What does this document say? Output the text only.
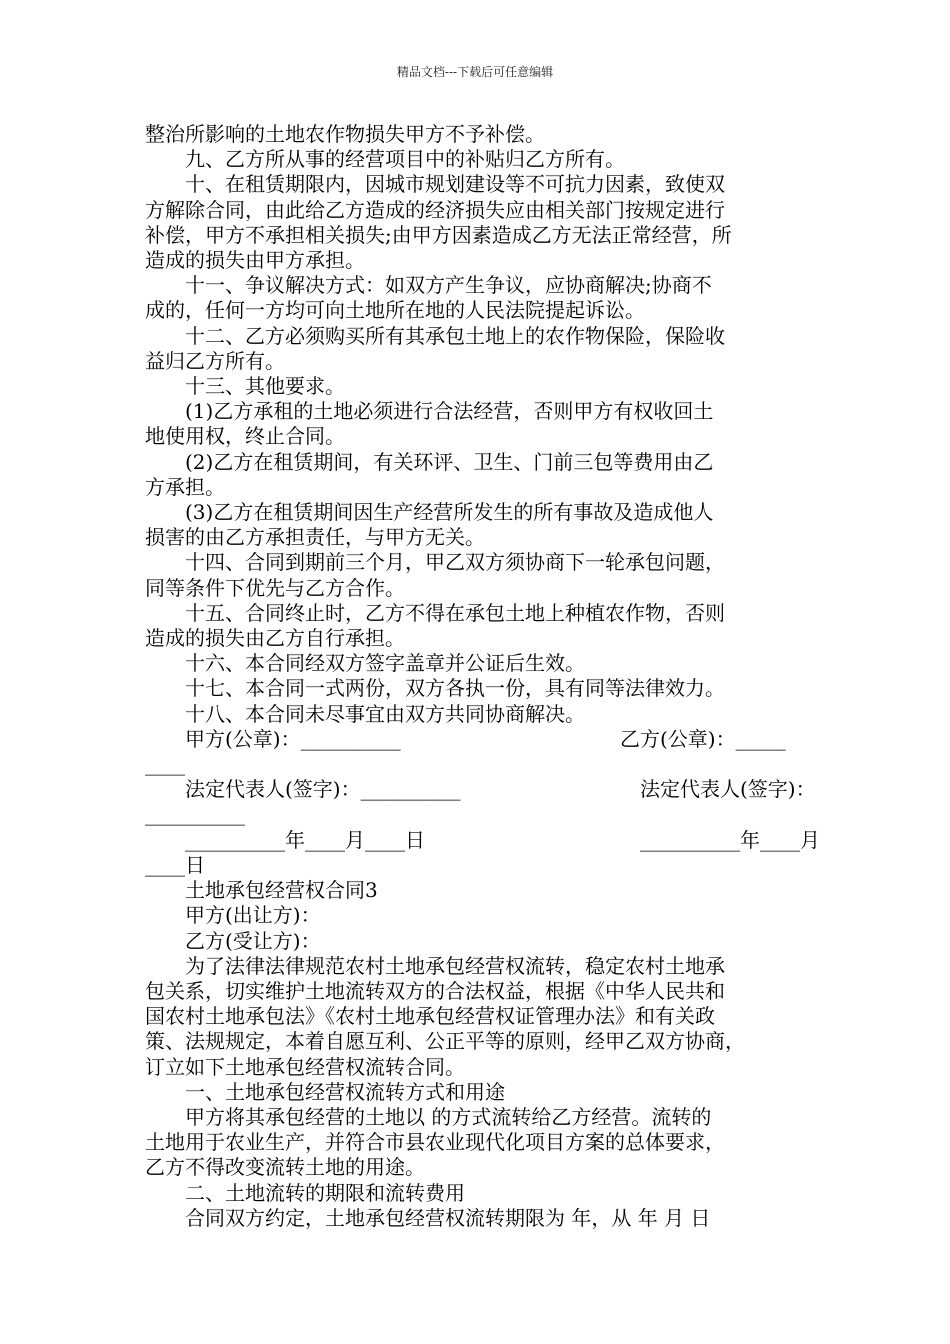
精品文档---下载后可任意编辑

整治所影响的土地农作物损失甲方不予补偿。

　　九、乙方所从事的经营项目中的补贴归乙方所有。

　　十、在租赁期限内，因城市规划建设等不可抗力因素，致使双

方解除合同，由此给乙方造成的经济损失应由相关部门按规定进行

补偿，甲方不承担相关损失;由甲方因素造成乙方无法正常经营，所

造成的损失由甲方承担。

　　十一、争议解决方式：如双方产生争议，应协商解决;协商不

成的，任何一方均可向土地所在地的人民法院提起诉讼。

　　十二、乙方必须购买所有其承包土地上的农作物保险，保险收

益归乙方所有。

　　十三、其他要求。

　　(1)乙方承租的土地必须进行合法经营，否则甲方有权收回土

地使用权，终止合同。

　　(2)乙方在租赁期间，有关环评、卫生、门前三包等费用由乙

方承担。

　　(3)乙方在租赁期间因生产经营所发生的所有事故及造成他人

损害的由乙方承担责任，与甲方无关。

　　十四、合同到期前三个月，甲乙双方须协商下一轮承包问题，

同等条件下优先与乙方合作。

　　十五、合同终止时，乙方不得在承包土地上种植农作物，否则

造成的损失由乙方自行承担。

　　十六、本合同经双方签字盖章并公证后生效。

　　十七、本合同一式两份，双方各执一份，具有同等法律效力。

　　十八、本合同未尽事宜由双方共同协商解决。

　　甲方(公章)：__________	乙方(公章)：_____

____

　　法定代表人(签字)：__________	　法定代表人(签字)：

__________

　　__________年____月____日	　__________年____月

____日

　　土地承包经营权合同3

　　甲方(出让方)：

　　乙方(受让方)：

　　为了法律法律规范农村土地承包经营权流转，稳定农村土地承

包关系，切实维护土地流转双方的合法权益，根据《中华人民共和

国农村土地承包法》《农村土地承包经营权证管理办法》和有关政

策、法规规定，本着自愿互利、公正平等的原则，经甲乙双方协商，

订立如下土地承包经营权流转合同。

　　一、土地承包经营权流转方式和用途

　　甲方将其承包经营的土地以 的方式流转给乙方经营。流转的

土地用于农业生产，并符合市县农业现代化项目方案的总体要求，

乙方不得改变流转土地的用途。

　　二、土地流转的期限和流转费用

　　合同双方约定，土地承包经营权流转期限为 年，从 年 月 日
